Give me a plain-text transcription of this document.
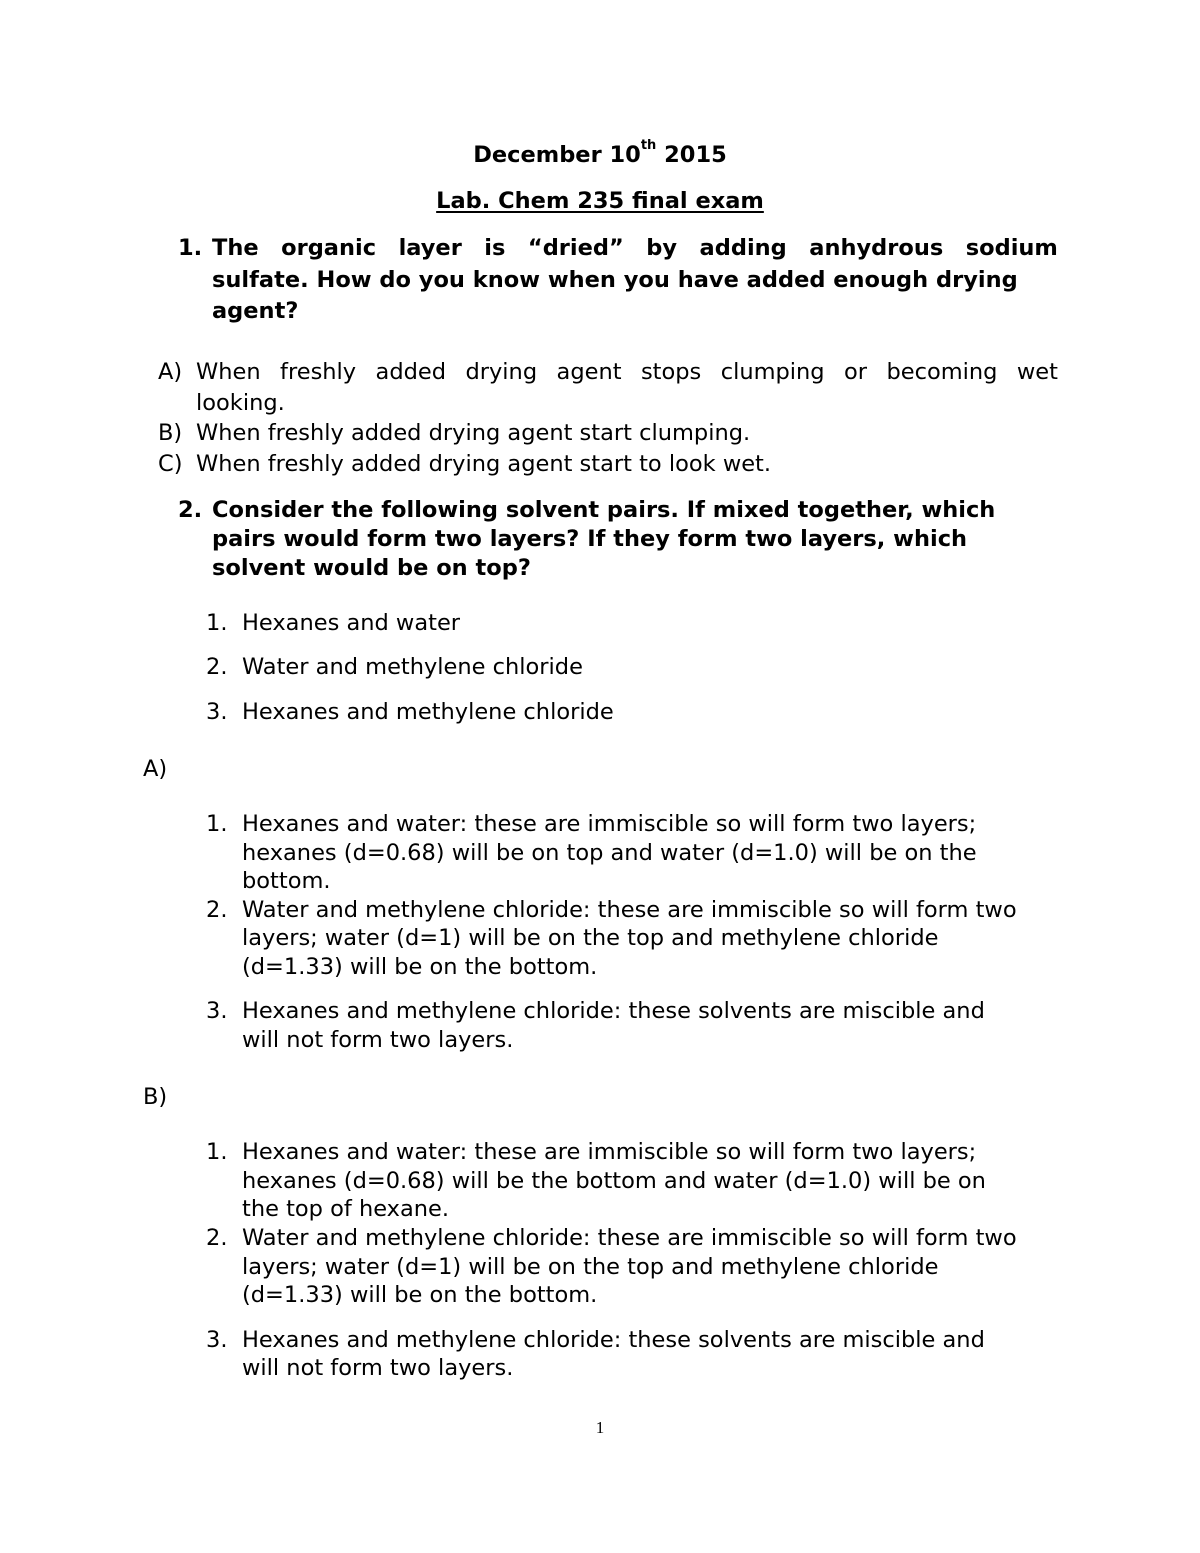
December 10th 2015
Lab. Chem 235 final exam
1. The organic layer is “dried” by adding anhydrous sodium
sulfate. How do you know when you have added enough drying
agent?
A) When freshly added drying agent stops clumping or becoming wet
looking.
B) When freshly added drying agent start clumping.
C) When freshly added drying agent start to look wet.
2. Consider the following solvent pairs. If mixed together, which
pairs would form two layers? If they form two layers, which
solvent would be on top?
1. Hexanes and water
2. Water and methylene chloride
3. Hexanes and methylene chloride
A)
1. Hexanes and water: these are immiscible so will form two layers;
hexanes (d=0.68) will be on top and water (d=1.0) will be on the
bottom.
2. Water and methylene chloride: these are immiscible so will form two
layers; water (d=1) will be on the top and methylene chloride
(d=1.33) will be on the bottom.
3. Hexanes and methylene chloride: these solvents are miscible and
will not form two layers.
B)
1. Hexanes and water: these are immiscible so will form two layers;
hexanes (d=0.68) will be the bottom and water (d=1.0) will be on
the top of hexane.
2. Water and methylene chloride: these are immiscible so will form two
layers; water (d=1) will be on the top and methylene chloride
(d=1.33) will be on the bottom.
3. Hexanes and methylene chloride: these solvents are miscible and
will not form two layers.
1
